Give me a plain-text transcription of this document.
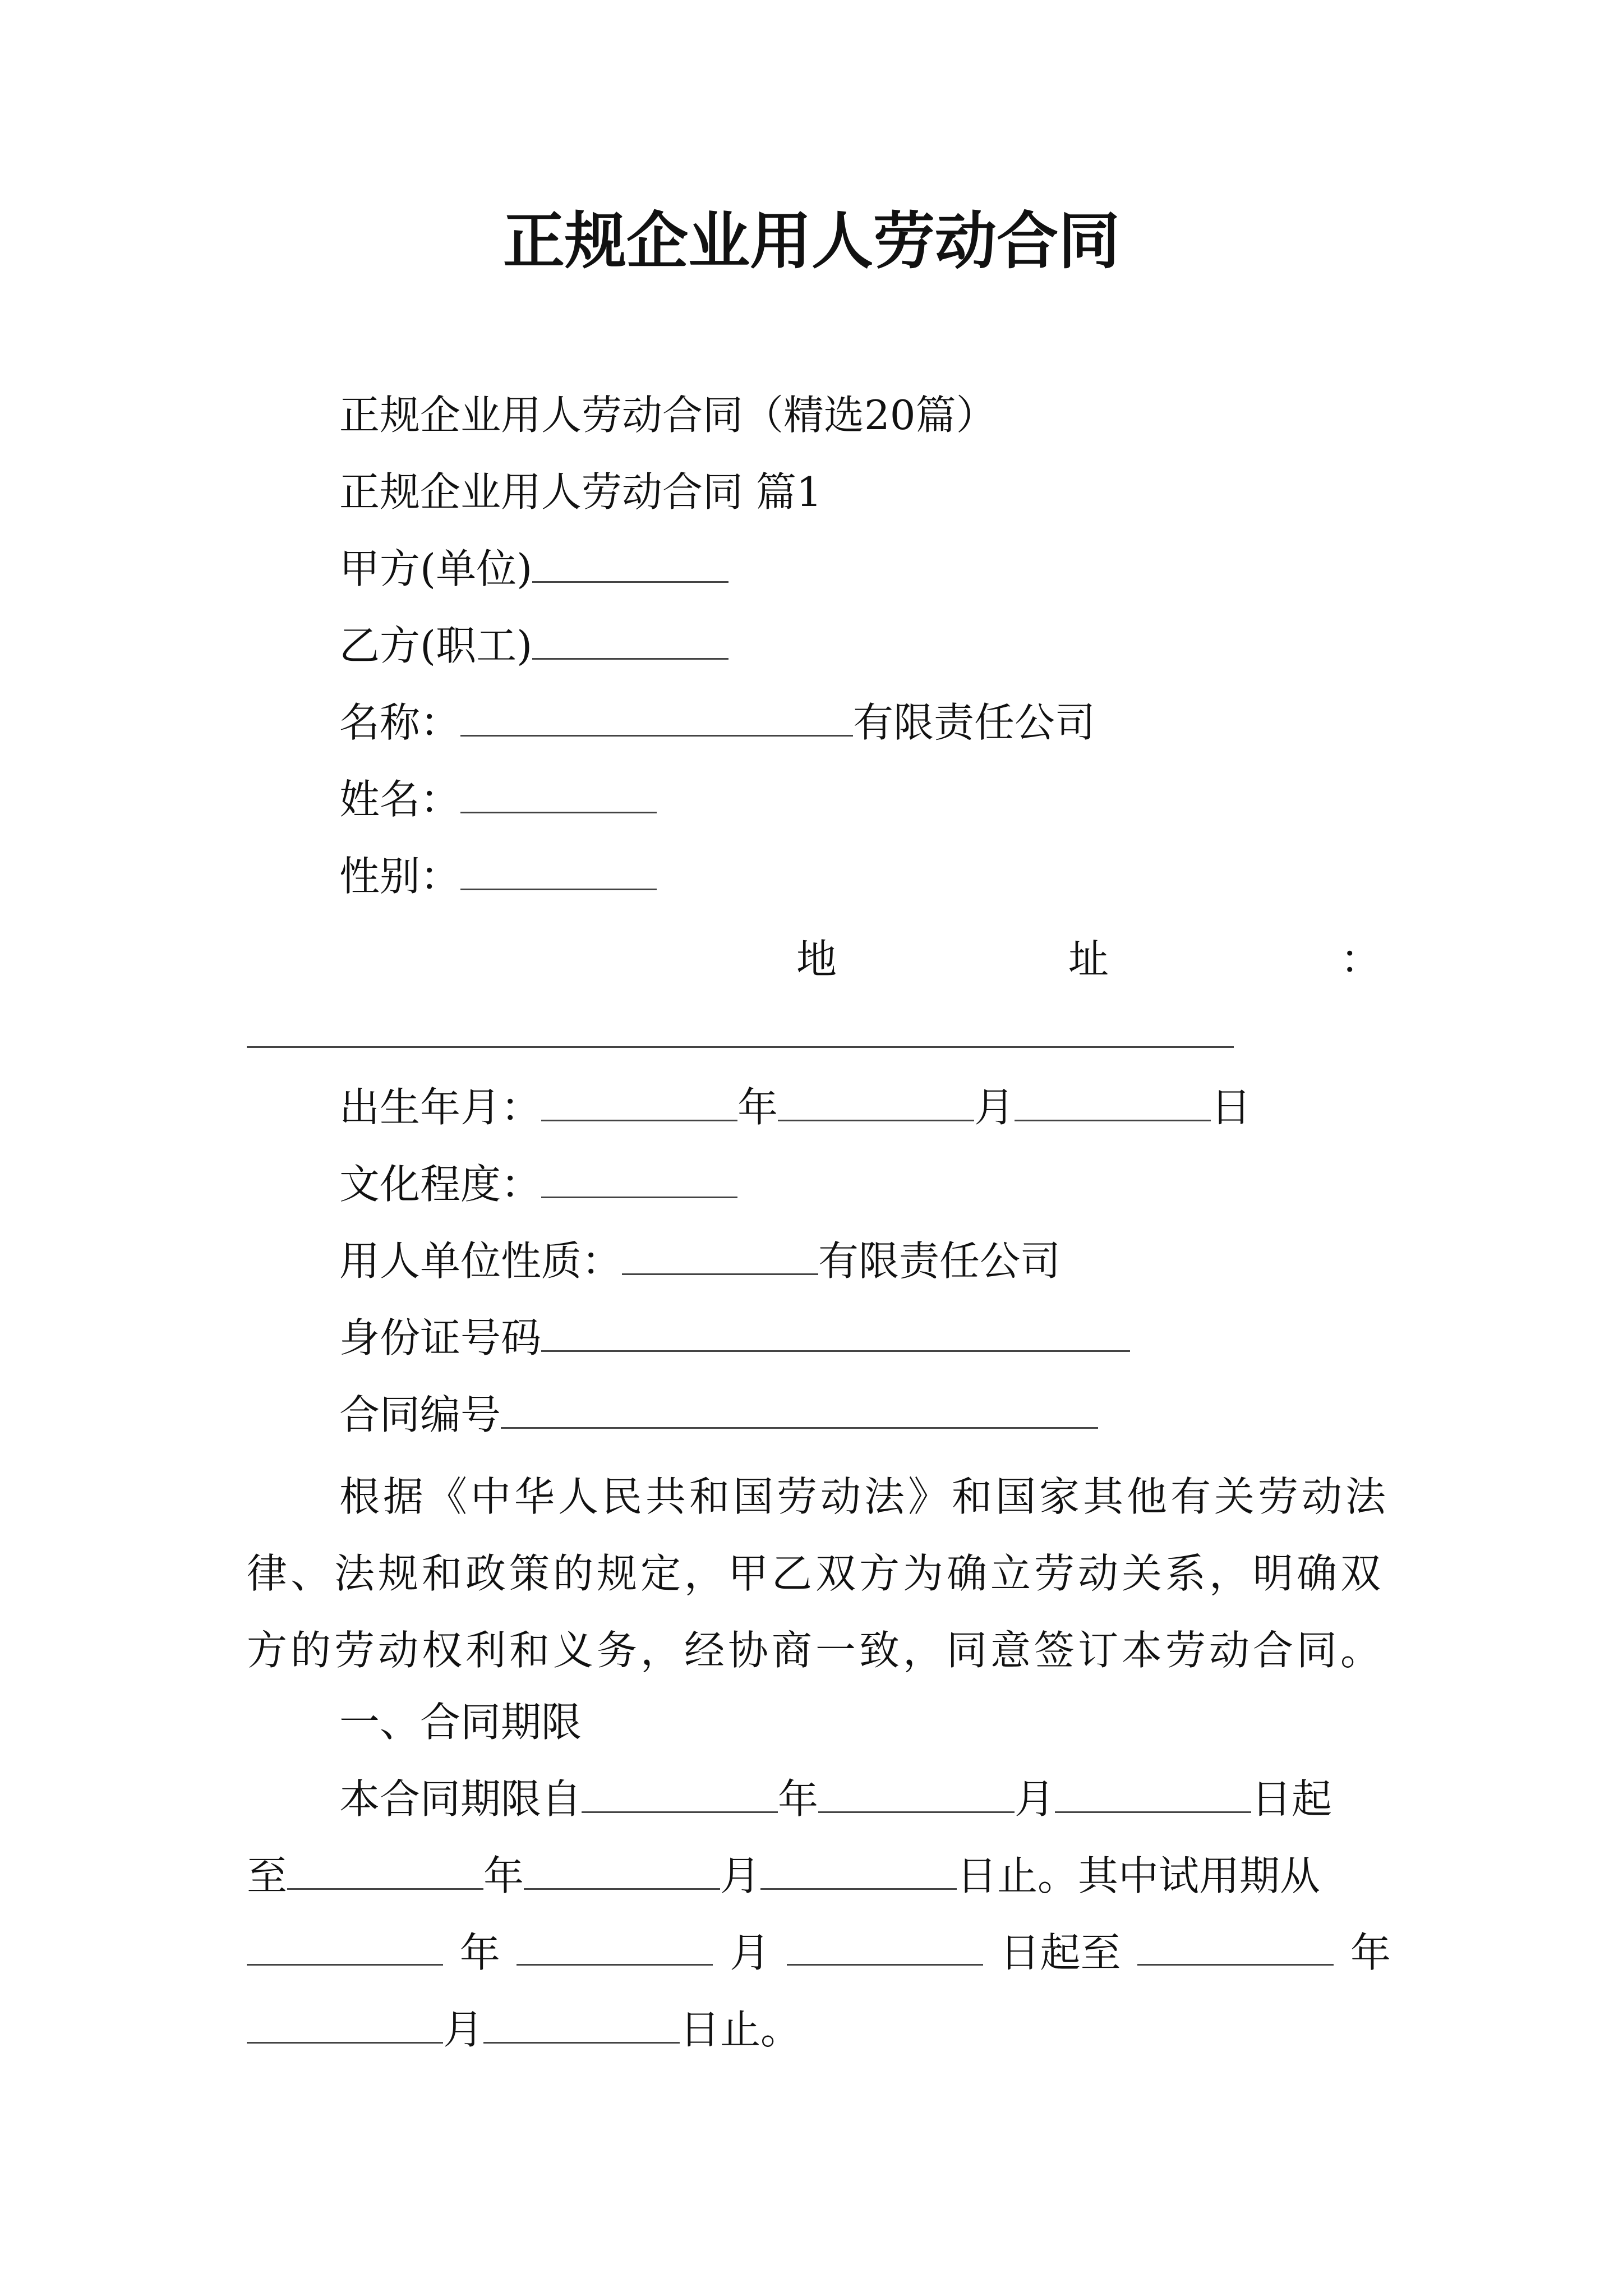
正规企业用人劳动合同
正规企业用人劳动合同（精选20篇）
正规企业用人劳动合同 篇1
甲方(单位)
乙方(职工)
名称：	有限责任公司
姓名：
性别：
地	址	：
出生年月：	年	月	日
文化程度：
用人单位性质：	有限责任公司
身份证号码
合同编号
根据《中华人民共和国劳动法》和国家其他有关劳动法律、法规和政策的规定，甲乙双方为确立劳动关系，明确双方的劳动权利和义务，经协商一致，同意签订本劳动合同。
一、合同期限
本合同期限自	年	月	日起
至	年	月	日止。其中试用期从
年	月	日起至	年
月	日止。
